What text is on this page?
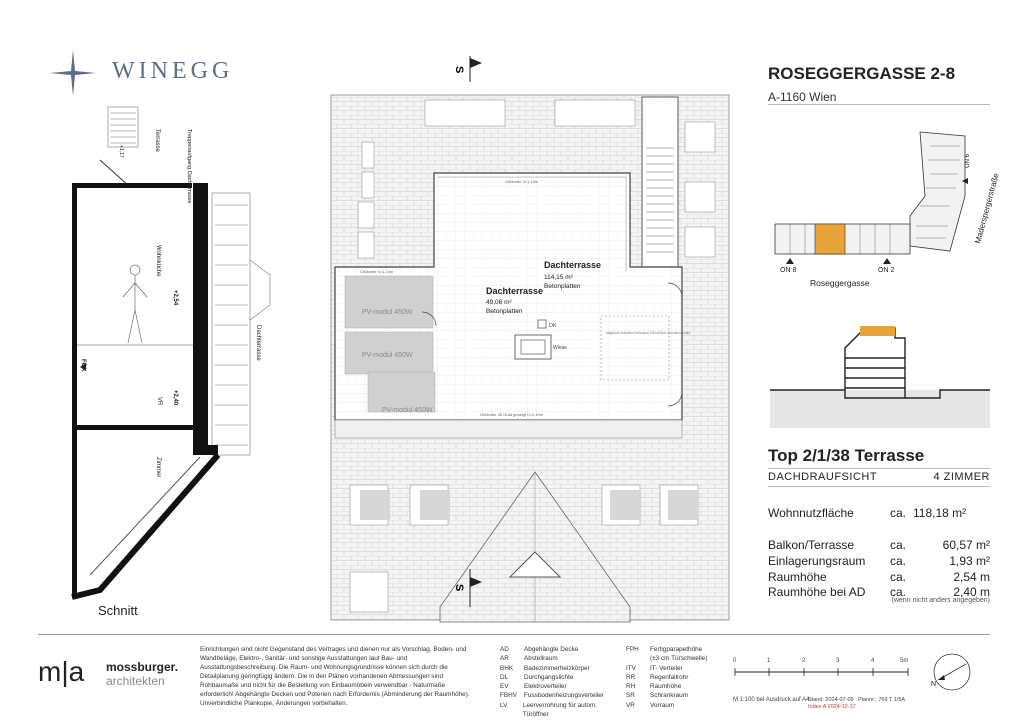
WINEGG
Terrasse	Treppenaufgang Dachterrasse
Wohnküche
Dachterrasse
VR
Zimmer
FOK
+2,54
+2,40
+1,17
Schnitt
S
PV-modul 450W
PV-modul 450W
PV-modul 450W
DK
Wiese
möglicher Aufstellort Whirlpool 200x200cm (Sonderwunsch)
Dachterrasse
114,15 m²
Betonplatten
Dachterrasse
49,06 m²
Betonplatten
Geländer h=1,10m
Geländer h=1,10m
Geländer 45 Grad geneigt h=1,10m
S
ROSEGGERGASSE 2-8
A-1160 Wien
ON 8	ON 2
ON 6
Maderspergerstraße
Roseggergasse
Top 2/1/38 Terrasse
DACHDRAUFSICHT	4 ZIMMER
Wohnnutzfläche	ca. 118,18 m²
Balkon/Terrasse	ca.	60,57 m²
Einlagerungsraum ca.	1,93 m²
Raumhöhe	ca.	2,54 m
Raumhöhe bei AD ca.	2,40 m
(wenn nicht anders angegeben)
m|a mossburger.
architekten
Einrichtungen sind nicht Gegenstand des Vertrages und dienen nur als Vorschlag. Boden- und Wandbeläge, Elektro-, Sanitär- und sonstige Ausstattungen laut Bau- und Ausstattungsbeschreibung. Die Raum- und Wohnungsgrundrisse können sich durch die Detailplanung geringfügig ändern. Die in den Plänen vorhandenen Abmessungen sind Rohbaumaße und nicht für die Bestellung von Einbaumöbeln verwendbar - Naturmaße erforderlich! Abgehängte Decken und Poterien nach Erfordernis (Abminderung der Raumhöhe). Unverbindliche Plankopie, Änderungen vorbehalten.
AD	Abgehängte Decke
AR	Abstellraum
BHK	Badezimmerheizkörper
DL	Durchgangslichte
EV	Elektroverteiler
FBHV	Fussbodenheizungsverteiler
LV	Leerverrohrung für autom. Türöffner
FPH	Fertigparapethöhe
(±3 cm Türschwelle)
ITV	IT- Verteiler
RR	Regenfallrohr
RH	Raumhöhe
SR	Schrankraum
VR	Vorraum
0	1	2	3	4	5m
M 1:100 bei Ausdruck auf A4
Stand: 2024-07-09 Plannr.: 769 T 1/5A
Index A 2024-12-17
N
